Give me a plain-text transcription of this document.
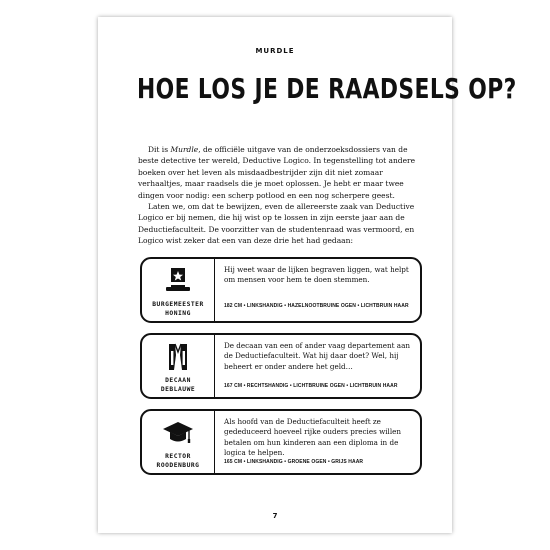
MURDLE
HOE LOS JE DE RAADSELS OP?

Dit is Murdle, de officiële uitgave van de onderzoeksdossiers van de beste detective ter wereld, Deductive Logico. In tegenstelling tot andere boeken over het leven als misdaadbestrijder zijn dit niet zomaar verhaaltjes, maar raadsels die je moet oplossen. Je hebt er maar twee dingen voor nodig: een scherp potlood en een nog scherpere geest.

Laten we, om dat te bewijzen, even de allereerste zaak van Deductive Logico er bij nemen, die hij wist op te lossen in zijn eerste jaar aan de Deductiefaculteit. De voorzitter van de studentenraad was vermoord, en Logico wist zeker dat een van deze drie het had gedaan:

BURGEMEESTER
HONING
Hij weet waar de lijken begraven liggen, wat helpt om mensen voor hem te doen stemmen.
182 CM • LINKSHANDIG • HAZELNOOTBRUINE OGEN • LICHTBRUIN HAAR
DECAAN
DEBLAUWE
De decaan van een of ander vaag departement aan de Deductiefaculteit. Wat hij daar doet? Wel, hij beheert er onder andere het geld…
167 CM • RECHTSHANDIG • LICHTBRUINE OGEN • LICHTBRUIN HAAR
RECTOR
ROODENBURG
Als hoofd van de Deductiefaculteit heeft ze gededuceerd hoeveel rijke ouders precies willen betalen om hun kinderen aan een diploma in de logica te helpen.
165 CM • LINKSHANDIG • GROENE OGEN • GRIJS HAAR
7
